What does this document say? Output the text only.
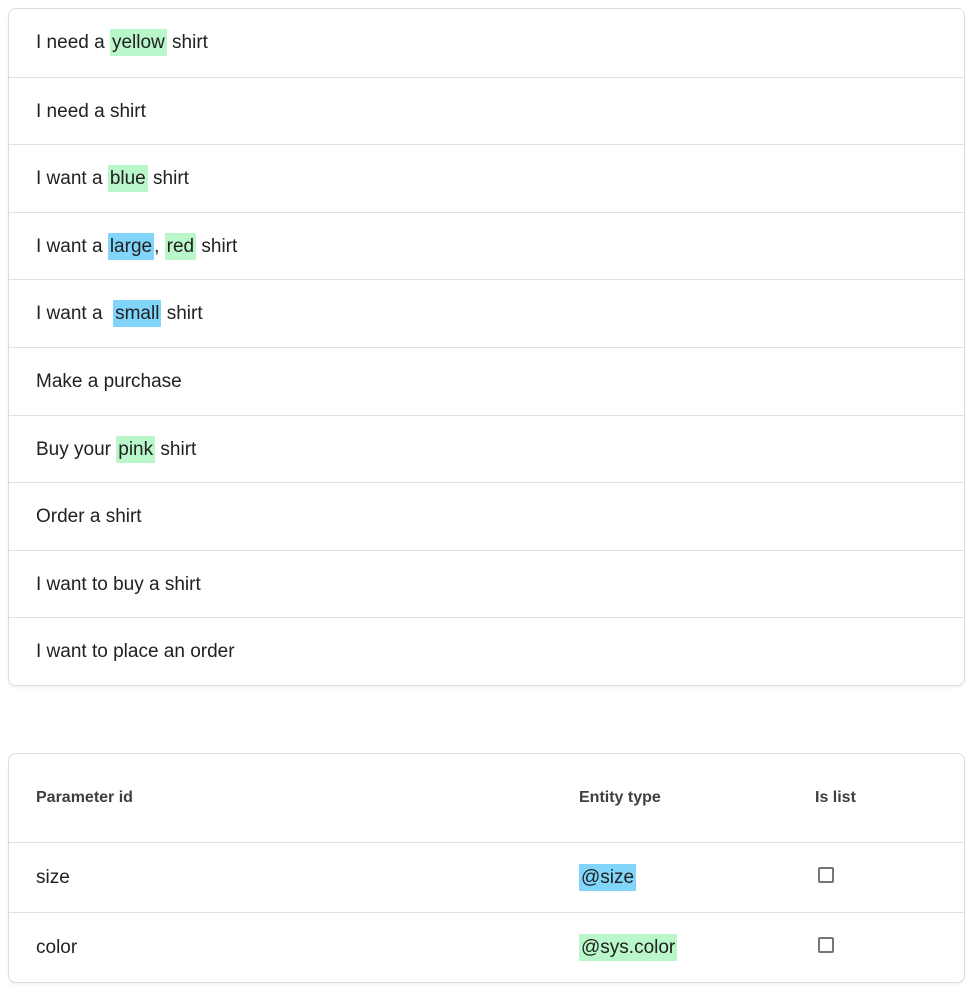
I need a yellow shirt
I need a shirt
I want a blue shirt
I want a large , red shirt
I want a  small shirt
Make a purchase
Buy your pink shirt
Order a shirt
I want to buy a shirt
I want to place an order
Parameter id	Entity type	Is list
size	@size
color	@sys.color
